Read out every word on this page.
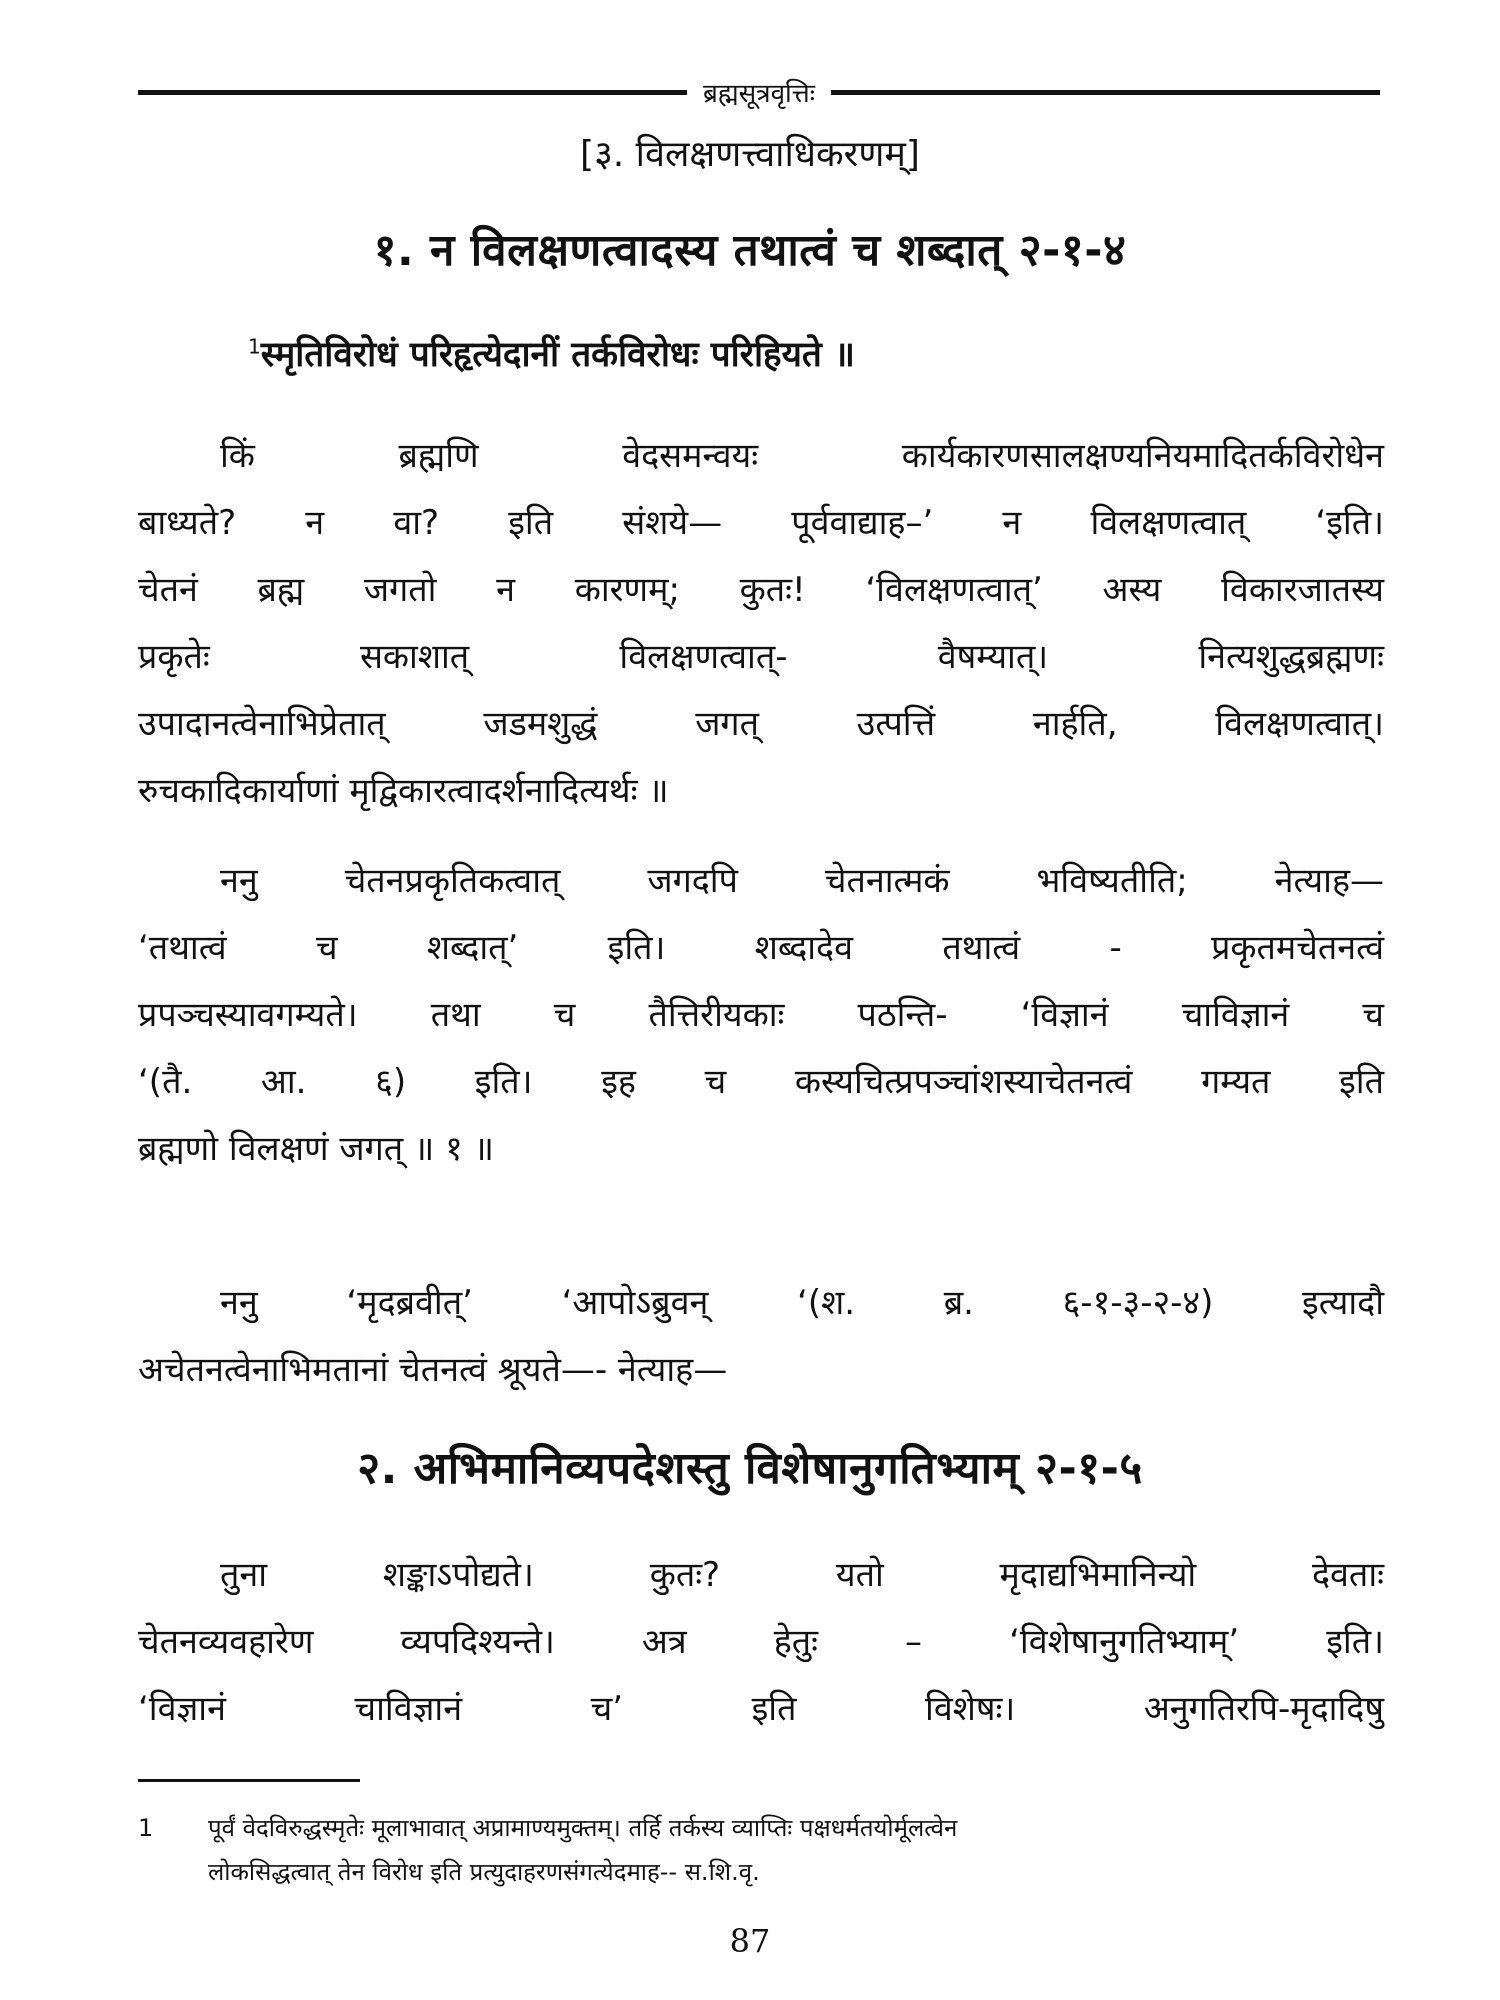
ब्रह्मसूत्रवृत्तिः
[३. विलक्षणत्त्वाधिकरणम्]
१. न विलक्षणत्वादस्य तथात्वं च शब्दात् २-१-४
$^1$स्मृतिविरोधं परिहृत्येदानीं तर्कविरोधः परिहियते ॥
किं ब्रह्मणि वेदसमन्वयः कार्यकारणसालक्षण्यनियमादितर्कविरोधेन
बाध्यते? न वा? इति संशये— पूर्ववाद्याह–’ न विलक्षणत्वात् ‘इति।
चेतनं ब्रह्म जगतो न कारणम्; कुतः! ‘विलक्षणत्वात्’ अस्य विकारजातस्य
प्रकृतेः सकाशात् विलक्षणत्वात्- वैषम्यात्। नित्यशुद्धब्रह्मणः
उपादानत्वेनाभिप्रेतात् जडमशुद्धं जगत् उत्पत्तिं नार्हति, विलक्षणत्वात्।
रुचकादिकार्याणां मृद्विकारत्वादर्शनादित्यर्थः ॥
ननु चेतनप्रकृतिकत्वात् जगदपि चेतनात्मकं भविष्यतीति; नेत्याह—
‘तथात्वं च शब्दात्’ इति। शब्दादेव तथात्वं - प्रकृतमचेतनत्वं
प्रपञ्चस्यावगम्यते। तथा च तैत्तिरीयकाः पठन्ति- ‘विज्ञानं चाविज्ञानं च
‘(तै. आ. ६) इति। इह च कस्यचित्प्रपञ्चांशस्याचेतनत्वं गम्यत इति
ब्रह्मणो विलक्षणं जगत् ॥ १ ॥
ननु ‘मृदब्रवीत्’ ‘आपोऽब्रुवन् ‘(श. ब्र. ६-१-३-२-४) इत्यादौ
अचेतनत्वेनाभिमतानां चेतनत्वं श्रूयते—- नेत्याह—
२. अभिमानिव्यपदेशस्तु विशेषानुगतिभ्याम् २-१-५
तुना शङ्काऽपोद्यते। कुतः? यतो मृदाद्यभिमानिन्यो देवताः
चेतनव्यवहारेण व्यपदिश्यन्ते। अत्र हेतुः – ‘विशेषानुगतिभ्याम्’ इति।
‘विज्ञानं चाविज्ञानं च’ इति विशेषः। अनुगतिरपि-मृदादिषु
1 पूर्वं वेदविरुद्धस्मृतेः मूलाभावात् अप्रामाण्यमुक्तम्। तर्हि तर्कस्य व्याप्तिः पक्षधर्मतयोर्मूलत्वेन
लोकसिद्धत्वात् तेन विरोध इति प्रत्युदाहरणसंगत्येदमाह-- स.शि.वृ.
87
